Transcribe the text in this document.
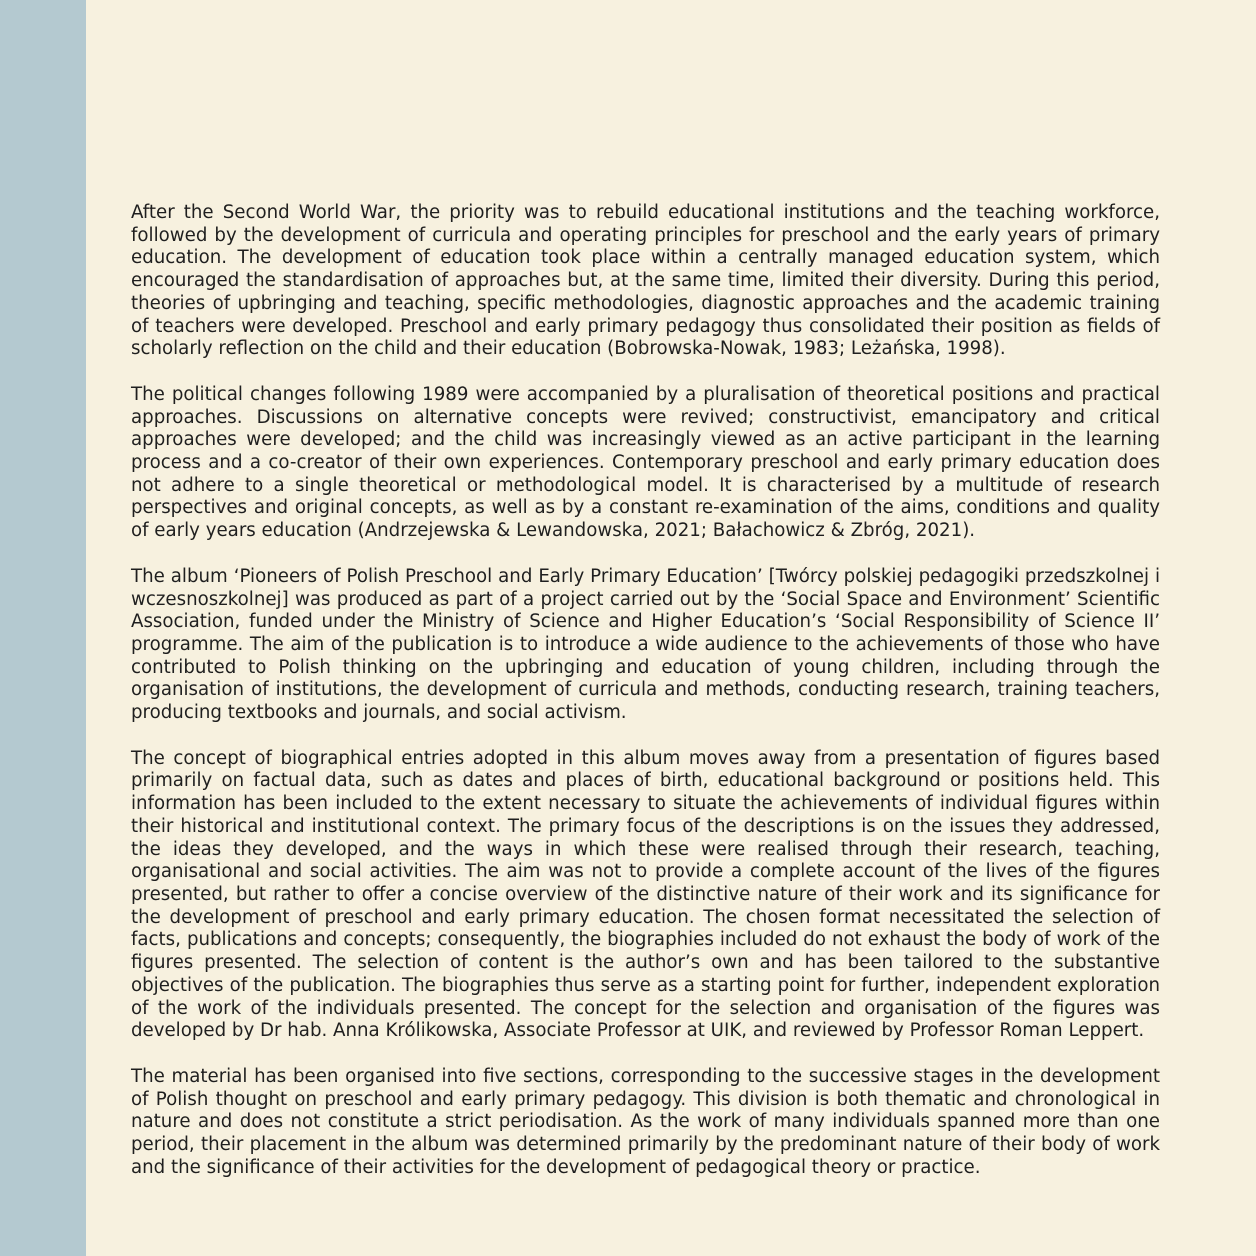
After the Second World War, the priority was to rebuild educational institutions and the teaching workforce, followed by the development of curricula and operating principles for preschool and the early years of primary education. The development of education took place within a centrally managed education system, which encouraged the standardisation of approaches but, at the same time, limited their diversity. During this period, theories of upbringing and teaching, specific methodologies, diagnostic approaches and the academic training of teachers were developed. Preschool and early primary pedagogy thus consolidated their position as fields of scholarly reflection on the child and their education (Bobrowska-Nowak, 1983; Leżańska, 1998).

The political changes following 1989 were accompanied by a pluralisation of theoretical positions and practical approaches. Discussions on alternative concepts were revived; constructivist, emancipatory and critical approaches were developed; and the child was increasingly viewed as an active participant in the learning process and a co-creator of their own experiences. Contemporary preschool and early primary education does not adhere to a single theoretical or methodological model. It is characterised by a multitude of research perspectives and original concepts, as well as by a constant re-examination of the aims, conditions and quality of early years education (Andrzejewska & Lewandowska, 2021; Bałachowicz & Zbróg, 2021).

The album ‘Pioneers of Polish Preschool and Early Primary Education’ [Twórcy polskiej pedagogiki przedszkolnej i wczesnoszkolnej] was produced as part of a project carried out by the ‘Social Space and Environment’ Scientific Association, funded under the Ministry of Science and Higher Education’s ‘Social Responsibility of Science II’ programme. The aim of the publication is to introduce a wide audience to the achievements of those who have contributed to Polish thinking on the upbringing and education of young children, including through the organisation of institutions, the development of curricula and methods, conducting research, training teachers, producing textbooks and journals, and social activism.

The concept of biographical entries adopted in this album moves away from a presentation of figures based primarily on factual data, such as dates and places of birth, educational background or positions held. This information has been included to the extent necessary to situate the achievements of individual figures within their historical and institutional context. The primary focus of the descriptions is on the issues they addressed, the ideas they developed, and the ways in which these were realised through their research, teaching, organisational and social activities. The aim was not to provide a complete account of the lives of the figures presented, but rather to offer a concise overview of the distinctive nature of their work and its significance for the development of preschool and early primary education. The chosen format necessitated the selection of facts, publications and concepts; consequently, the biographies included do not exhaust the body of work of the figures presented. The selection of content is the author’s own and has been tailored to the substantive objectives of the publication. The biographies thus serve as a starting point for further, independent exploration of the work of the individuals presented. The concept for the selection and organisation of the figures was developed by Dr hab. Anna Królikowska, Associate Professor at UIK, and reviewed by Professor Roman Leppert.

The material has been organised into five sections, corresponding to the successive stages in the development of Polish thought on preschool and early primary pedagogy. This division is both thematic and chronological in nature and does not constitute a strict periodisation. As the work of many individuals spanned more than one period, their placement in the album was determined primarily by the predominant nature of their body of work and the significance of their activities for the development of pedagogical theory or practice.
